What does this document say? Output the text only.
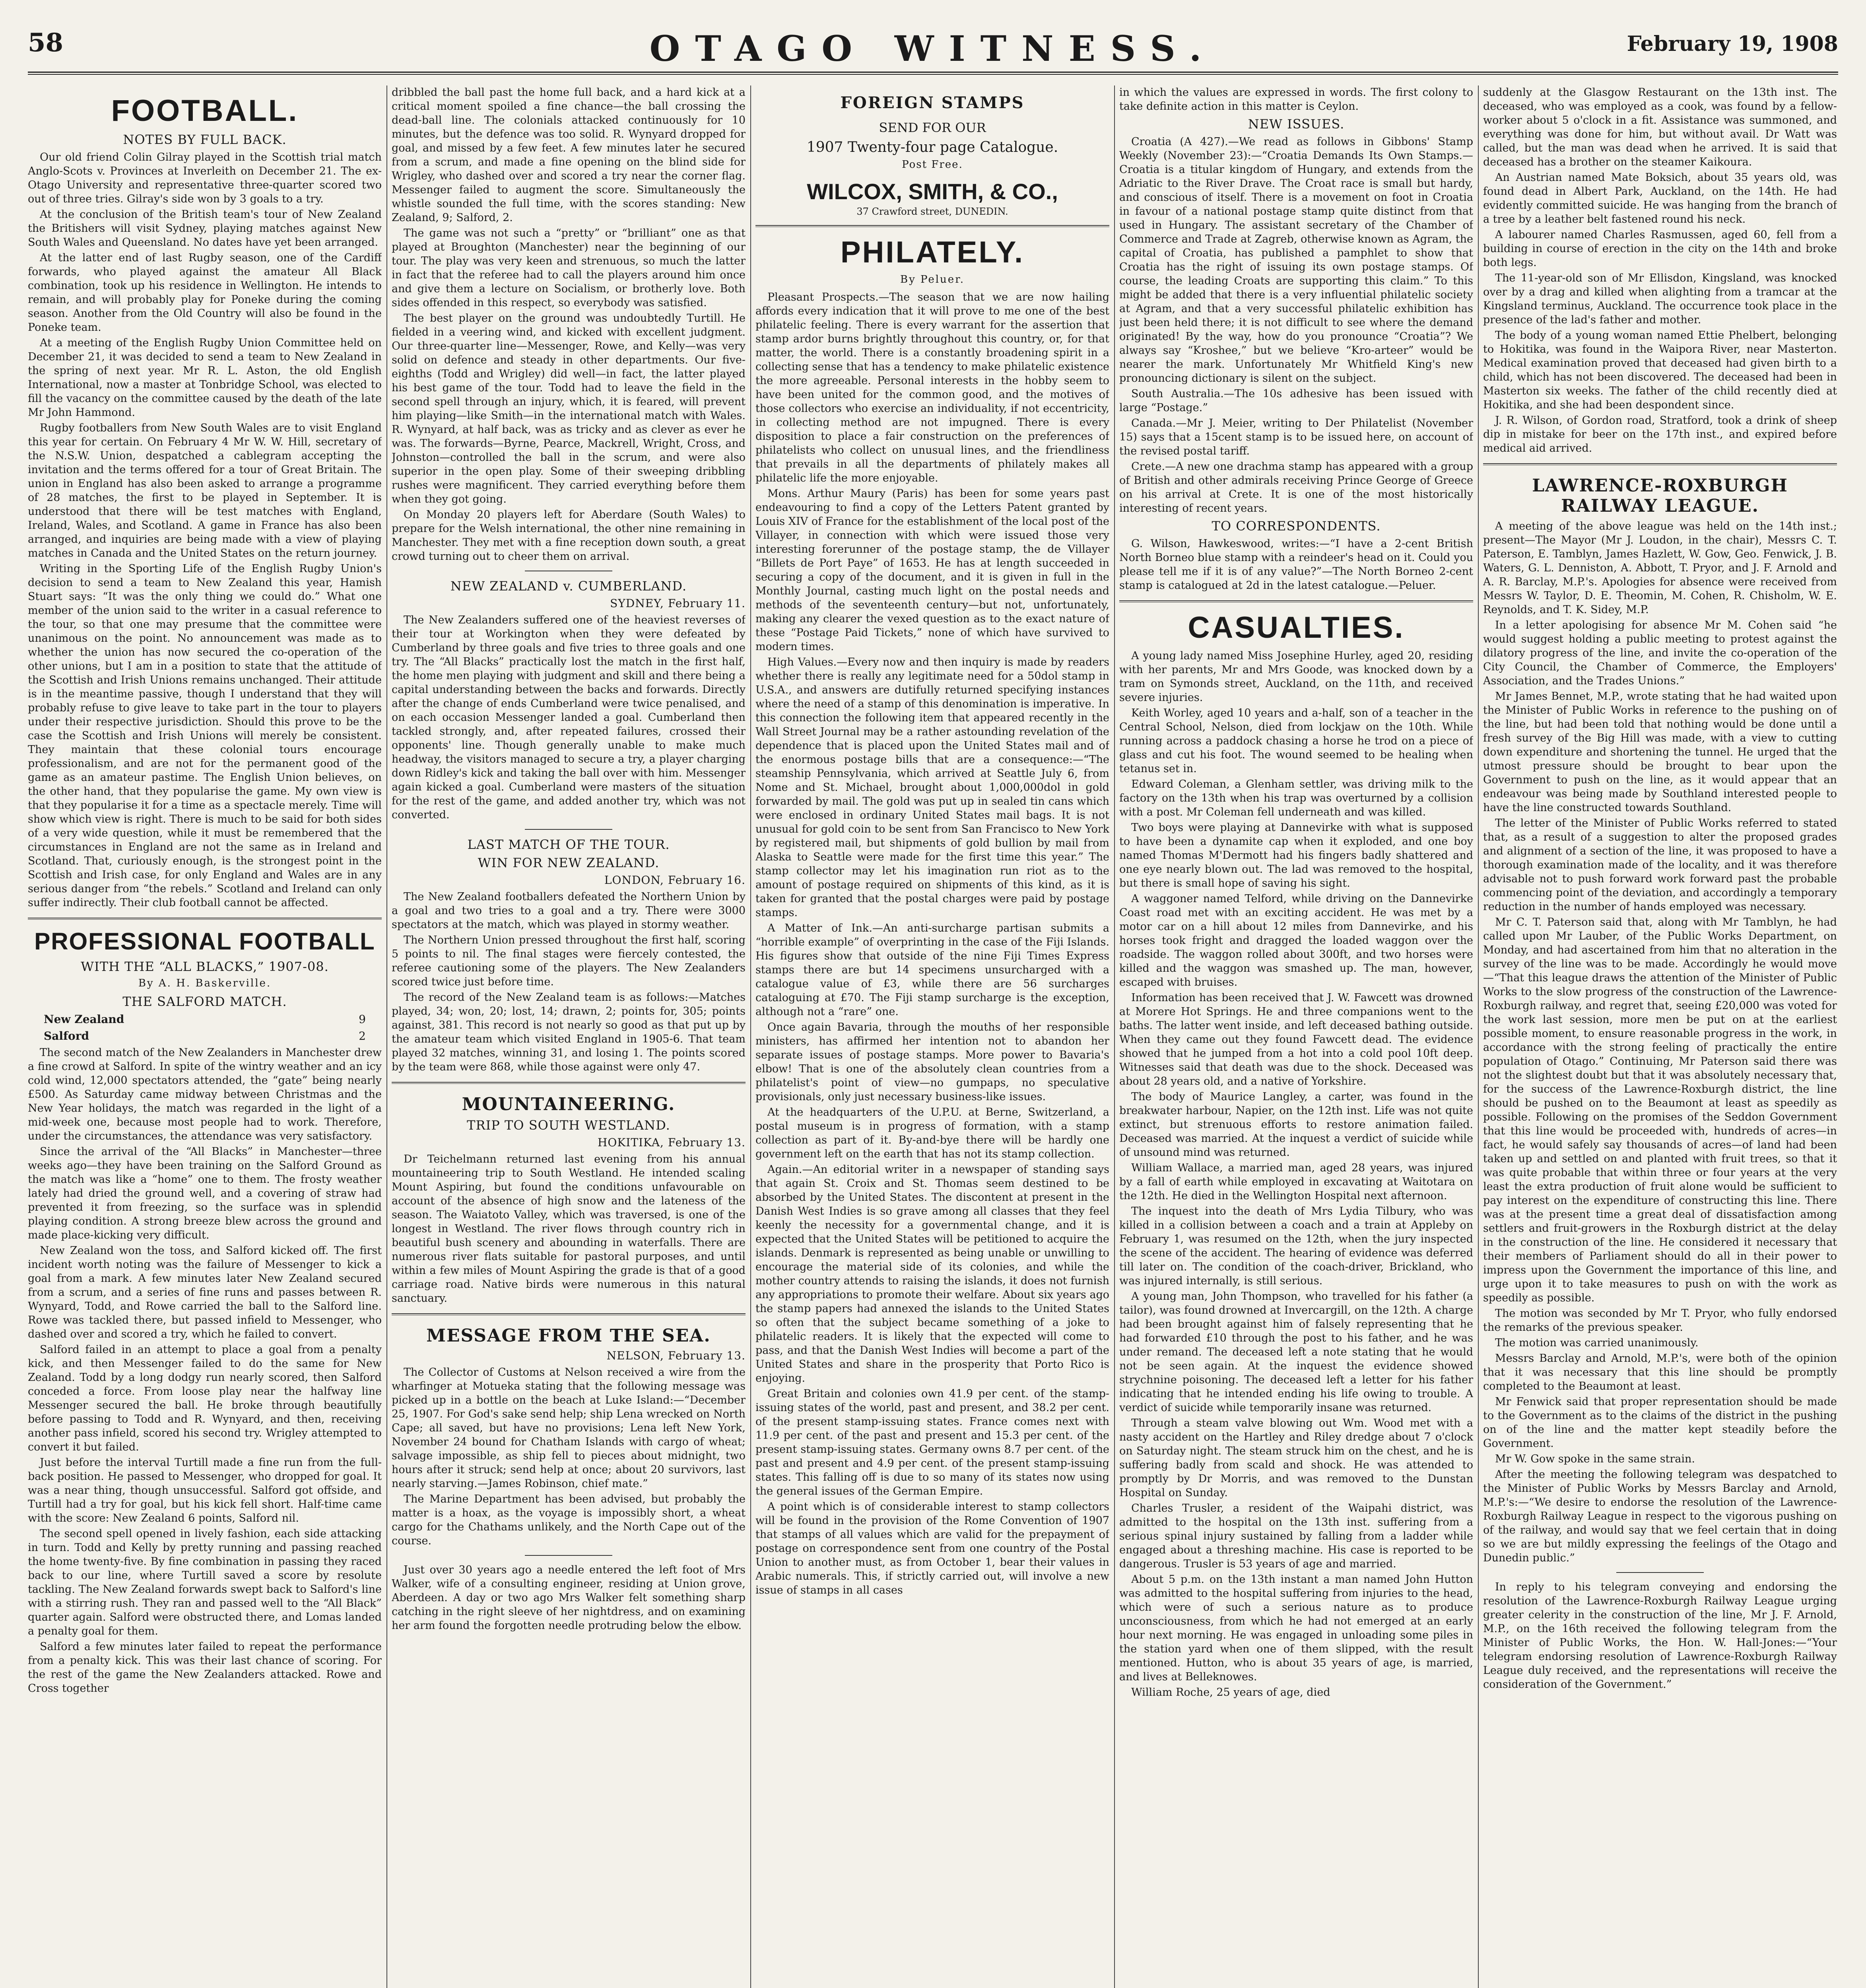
58	OTAGO WITNESS.	February 19, 1908
FOOTBALL.
NOTES BY FULL BACK.

Our old friend Colin Gilray played in the Scottish trial match Anglo-Scots v. Provinces at Inverleith on December 21. The ex-Otago University and representative three-quarter scored two out of three tries. Gilray's side won by 3 goals to a try.

At the conclusion of the British team's tour of New Zealand the Britishers will visit Sydney, playing matches against New South Wales and Queensland. No dates have yet been arranged.

At the latter end of last Rugby season, one of the Cardiff forwards, who played against the amateur All Black combination, took up his residence in Wellington. He intends to remain, and will probably play for Poneke during the coming season. Another from the Old Country will also be found in the Poneke team.

At a meeting of the English Rugby Union Committee held on December 21, it was decided to send a team to New Zealand in the spring of next year. Mr R. L. Aston, the old English International, now a master at Tonbridge School, was elected to fill the vacancy on the committee caused by the death of the late Mr John Hammond.

Rugby footballers from New South Wales are to visit England this year for certain. On February 4 Mr W. W. Hill, secretary of the N.S.W. Union, despatched a cablegram accepting the invitation and the terms offered for a tour of Great Britain. The union in England has also been asked to arrange a programme of 28 matches, the first to be played in September. It is understood that there will be test matches with England, Ireland, Wales, and Scotland. A game in France has also been arranged, and inquiries are being made with a view of playing matches in Canada and the United States on the return journey.

Writing in the Sporting Life of the English Rugby Union's decision to send a team to New Zealand this year, Hamish Stuart says: “It was the only thing we could do.” What one member of the union said to the writer in a casual reference to the tour, so that one may presume that the committee were unanimous on the point. No announcement was made as to whether the union has now secured the co-operation of the other unions, but I am in a position to state that the attitude of the Scottish and Irish Unions remains unchanged. Their attitude is in the meantime passive, though I understand that they will probably refuse to give leave to take part in the tour to players under their respective jurisdiction. Should this prove to be the case the Scottish and Irish Unions will merely be consistent. They maintain that these colonial tours encourage professionalism, and are not for the permanent good of the game as an amateur pastime. The English Union believes, on the other hand, that they popularise the game. My own view is that they popularise it for a time as a spectacle merely. Time will show which view is right. There is much to be said for both sides of a very wide question, while it must be remembered that the circumstances in England are not the same as in Ireland and Scotland. That, curiously enough, is the strongest point in the Scottish and Irish case, for only England and Wales are in any serious danger from “the rebels.” Scotland and Ireland can only suffer indirectly. Their club football cannot be affected.

PROFESSIONAL FOOTBALL
WITH THE “ALL BLACKS,” 1907-08.
By A. H. Baskerville.
THE SALFORD MATCH.
9
New Zealand
2
Salford

The second match of the New Zealanders in Manchester drew a fine crowd at Salford. In spite of the wintry weather and an icy cold wind, 12,000 spectators attended, the “gate” being nearly £500. As Saturday came midway between Christmas and the New Year holidays, the match was regarded in the light of a mid-week one, because most people had to work. Therefore, under the circumstances, the attendance was very satisfactory.

Since the arrival of the “All Blacks” in Manchester—three weeks ago—they have been training on the Salford Ground as the match was like a “home” one to them. The frosty weather lately had dried the ground well, and a covering of straw had prevented it from freezing, so the surface was in splendid playing condition. A strong breeze blew across the ground and made place-kicking very difficult.

New Zealand won the toss, and Salford kicked off. The first incident worth noting was the failure of Messenger to kick a goal from a mark. A few minutes later New Zealand secured from a scrum, and a series of fine runs and passes between R. Wynyard, Todd, and Rowe carried the ball to the Salford line. Rowe was tackled there, but passed infield to Messenger, who dashed over and scored a try, which he failed to convert.

Salford failed in an attempt to place a goal from a penalty kick, and then Messenger failed to do the same for New Zealand. Todd by a long dodgy run nearly scored, then Salford conceded a force. From loose play near the halfway line Messenger secured the ball. He broke through beautifully before passing to Todd and R. Wynyard, and then, receiving another pass infield, scored his second try. Wrigley attempted to convert it but failed.

Just before the interval Turtill made a fine run from the full-back position. He passed to Messenger, who dropped for goal. It was a near thing, though unsuccessful. Salford got offside, and Turtill had a try for goal, but his kick fell short. Half-time came with the score: New Zealand 6 points, Salford nil.

The second spell opened in lively fashion, each side attacking in turn. Todd and Kelly by pretty running and passing reached the home twenty-five. By fine combination in passing they raced back to our line, where Turtill saved a score by resolute tackling. The New Zealand forwards swept back to Salford's line with a stirring rush. They ran and passed well to the “All Black” quarter again. Salford were obstructed there, and Lomas landed a penalty goal for them.

Salford a few minutes later failed to repeat the performance from a penalty kick. This was their last chance of scoring. For the rest of the game the New Zealanders attacked. Rowe and Cross together

dribbled the ball past the home full back, and a hard kick at a critical moment spoiled a fine chance—the ball crossing the dead-ball line. The colonials attacked continuously for 10 minutes, but the defence was too solid. R. Wynyard dropped for goal, and missed by a few feet. A few minutes later he secured from a scrum, and made a fine opening on the blind side for Wrigley, who dashed over and scored a try near the corner flag. Messenger failed to augment the score. Simultaneously the whistle sounded the full time, with the scores standing: New Zealand, 9; Salford, 2.

The game was not such a “pretty” or “brilliant” one as that played at Broughton (Manchester) near the beginning of our tour. The play was very keen and strenuous, so much the latter in fact that the referee had to call the players around him once and give them a lecture on Socialism, or brotherly love. Both sides offended in this respect, so everybody was satisfied.

The best player on the ground was undoubtedly Turtill. He fielded in a veering wind, and kicked with excellent judgment. Our three-quarter line—Messenger, Rowe, and Kelly—was very solid on defence and steady in other departments. Our five-eighths (Todd and Wrigley) did well—in fact, the latter played his best game of the tour. Todd had to leave the field in the second spell through an injury, which, it is feared, will prevent him playing—like Smith—in the international match with Wales. R. Wynyard, at half back, was as tricky and as clever as ever he was. The forwards—Byrne, Pearce, Mackrell, Wright, Cross, and Johnston—controlled the ball in the scrum, and were also superior in the open play. Some of their sweeping dribbling rushes were magnificent. They carried everything before them when they got going.

On Monday 20 players left for Aberdare (South Wales) to prepare for the Welsh international, the other nine remaining in Manchester. They met with a fine reception down south, a great crowd turning out to cheer them on arrival.

NEW ZEALAND v. CUMBERLAND.
SYDNEY, February 11.

The New Zealanders suffered one of the heaviest reverses of their tour at Workington when they were defeated by Cumberland by three goals and five tries to three goals and one try. The “All Blacks” practically lost the match in the first half, the home men playing with judgment and skill and there being a capital understanding between the backs and forwards. Directly after the change of ends Cumberland were twice penalised, and on each occasion Messenger landed a goal. Cumberland then tackled strongly, and, after repeated failures, crossed their opponents' line. Though generally unable to make much headway, the visitors managed to secure a try, a player charging down Ridley's kick and taking the ball over with him. Messenger again kicked a goal. Cumberland were masters of the situation for the rest of the game, and added another try, which was not converted.

LAST MATCH OF THE TOUR.
WIN FOR NEW ZEALAND.
LONDON, February 16.

The New Zealand footballers defeated the Northern Union by a goal and two tries to a goal and a try. There were 3000 spectators at the match, which was played in stormy weather.

The Northern Union pressed throughout the first half, scoring 5 points to nil. The final stages were fiercely contested, the referee cautioning some of the players. The New Zealanders scored twice just before time.

The record of the New Zealand team is as follows:—Matches played, 34; won, 20; lost, 14; drawn, 2; points for, 305; points against, 381. This record is not nearly so good as that put up by the amateur team which visited England in 1905-6. That team played 32 matches, winning 31, and losing 1. The points scored by the team were 868, while those against were only 47.

MOUNTAINEERING.
TRIP TO SOUTH WESTLAND.
HOKITIKA, February 13.

Dr Teichelmann returned last evening from his annual mountaineering trip to South Westland. He intended scaling Mount Aspiring, but found the conditions unfavourable on account of the absence of high snow and the lateness of the season. The Waiatoto Valley, which was traversed, is one of the longest in Westland. The river flows through country rich in beautiful bush scenery and abounding in waterfalls. There are numerous river flats suitable for pastoral purposes, and until within a few miles of Mount Aspiring the grade is that of a good carriage road. Native birds were numerous in this natural sanctuary.

MESSAGE FROM THE SEA.
NELSON, February 13.

The Collector of Customs at Nelson received a wire from the wharfinger at Motueka stating that the following message was picked up in a bottle on the beach at Luke Island:—“December 25, 1907. For God's sake send help; ship Lena wrecked on North Cape; all saved, but have no provisions; Lena left New York, November 24 bound for Chatham Islands with cargo of wheat; salvage impossible, as ship fell to pieces about midnight, two hours after it struck; send help at once; about 20 survivors, last nearly starving.—James Robinson, chief mate.”

The Marine Department has been advised, but probably the matter is a hoax, as the voyage is impossibly short, a wheat cargo for the Chathams unlikely, and the North Cape out of the course.

Just over 30 years ago a needle entered the left foot of Mrs Walker, wife of a consulting engineer, residing at Union grove, Aberdeen. A day or two ago Mrs Walker felt something sharp catching in the right sleeve of her nightdress, and on examining her arm found the forgotten needle protruding below the elbow.

FOREIGN STAMPS
SEND FOR OUR
1907 Twenty-four page Catalogue.
Post Free.
WILCOX, SMITH, & CO.,
37 Crawford street, DUNEDIN.
PHILATELY.
By Peluer.

Pleasant Prospects.—The season that we are now hailing affords every indication that it will prove to me one of the best philatelic feeling. There is every warrant for the assertion that stamp ardor burns brightly throughout this country, or, for that matter, the world. There is a constantly broadening spirit in a collecting sense that has a tendency to make philatelic existence the more agreeable. Personal interests in the hobby seem to have been united for the common good, and the motives of those collectors who exercise an individuality, if not eccentricity, in collecting method are not impugned. There is every disposition to place a fair construction on the preferences of philatelists who collect on unusual lines, and the friendliness that prevails in all the departments of philately makes all philatelic life the more enjoyable.

Mons. Arthur Maury (Paris) has been for some years past endeavouring to find a copy of the Letters Patent granted by Louis XIV of France for the establishment of the local post of the Villayer, in connection with which were issued those very interesting forerunner of the postage stamp, the de Villayer “Billets de Port Paye” of 1653. He has at length succeeded in securing a copy of the document, and it is given in full in the Monthly Journal, casting much light on the postal needs and methods of the seventeenth century—but not, unfortunately, making any clearer the vexed question as to the exact nature of these “Postage Paid Tickets,” none of which have survived to modern times.

High Values.—Every now and then inquiry is made by readers whether there is really any legitimate need for a 50dol stamp in U.S.A., and answers are dutifully returned specifying instances where the need of a stamp of this denomination is imperative. In this connection the following item that appeared recently in the Wall Street Journal may be a rather astounding revelation of the dependence that is placed upon the United States mail and of the enormous postage bills that are a consequence:—“The steamship Pennsylvania, which arrived at Seattle July 6, from Nome and St. Michael, brought about 1,000,000dol in gold forwarded by mail. The gold was put up in sealed tin cans which were enclosed in ordinary United States mail bags. It is not unusual for gold coin to be sent from San Francisco to New York by registered mail, but shipments of gold bullion by mail from Alaska to Seattle were made for the first time this year.” The stamp collector may let his imagination run riot as to the amount of postage required on shipments of this kind, as it is taken for granted that the postal charges were paid by postage stamps.

A Matter of Ink.—An anti-surcharge partisan submits a “horrible example” of overprinting in the case of the Fiji Islands. His figures show that outside of the nine Fiji Times Express stamps there are but 14 specimens unsurcharged with a catalogue value of £3, while there are 56 surcharges cataloguing at £70. The Fiji stamp surcharge is the exception, although not a “rare” one.

Once again Bavaria, through the mouths of her responsible ministers, has affirmed her intention not to abandon her separate issues of postage stamps. More power to Bavaria's elbow! That is one of the absolutely clean countries from a philatelist's point of view—no gumpaps, no speculative provisionals, only just necessary business-like issues.

At the headquarters of the U.P.U. at Berne, Switzerland, a postal museum is in progress of formation, with a stamp collection as part of it. By-and-bye there will be hardly one government left on the earth that has not its stamp collection.

Again.—An editorial writer in a newspaper of standing says that again St. Croix and St. Thomas seem destined to be absorbed by the United States. The discontent at present in the Danish West Indies is so grave among all classes that they feel keenly the necessity for a governmental change, and it is expected that the United States will be petitioned to acquire the islands. Denmark is represented as being unable or unwilling to encourage the material side of its colonies, and while the mother country attends to raising the islands, it does not furnish any appropriations to promote their welfare. About six years ago the stamp papers had annexed the islands to the United States so often that the subject became something of a joke to philatelic readers. It is likely that the expected will come to pass, and that the Danish West Indies will become a part of the United States and share in the prosperity that Porto Rico is enjoying.

Great Britain and colonies own 41.9 per cent. of the stamp-issuing states of the world, past and present, and 38.2 per cent. of the present stamp-issuing states. France comes next with 11.9 per cent. of the past and present and 15.3 per cent. of the present stamp-issuing states. Germany owns 8.7 per cent. of the past and present and 4.9 per cent. of the present stamp-issuing states. This falling off is due to so many of its states now using the general issues of the German Empire.

A point which is of considerable interest to stamp collectors will be found in the provision of the Rome Convention of 1907 that stamps of all values which are valid for the prepayment of postage on correspondence sent from one country of the Postal Union to another must, as from October 1, bear their values in Arabic numerals. This, if strictly carried out, will involve a new issue of stamps in all cases

in which the values are expressed in words. The first colony to take definite action in this matter is Ceylon.

NEW ISSUES.

Croatia (A 427).—We read as follows in Gibbons' Stamp Weekly (November 23):—“Croatia Demands Its Own Stamps.—Croatia is a titular kingdom of Hungary, and extends from the Adriatic to the River Drave. The Croat race is small but hardy, and conscious of itself. There is a movement on foot in Croatia in favour of a national postage stamp quite distinct from that used in Hungary. The assistant secretary of the Chamber of Commerce and Trade at Zagreb, otherwise known as Agram, the capital of Croatia, has published a pamphlet to show that Croatia has the right of issuing its own postage stamps. Of course, the leading Croats are supporting this claim.” To this might be added that there is a very influential philatelic society at Agram, and that a very successful philatelic exhibition has just been held there; it is not difficult to see where the demand originated! By the way, how do you pronounce “Croatia”? We always say “Kroshee,” but we believe “Kro-arteer” would be nearer the mark. Unfortunately Mr Whitfield King's new pronouncing dictionary is silent on the subject.

South Australia.—The 10s adhesive has been issued with large “Postage.”

Canada.—Mr J. Meier, writing to Der Philatelist (November 15) says that a 15cent stamp is to be issued here, on account of the revised postal tariff.

Crete.—A new one drachma stamp has appeared with a group of British and other admirals receiving Prince George of Greece on his arrival at Crete. It is one of the most historically interesting of recent years.

TO CORRESPONDENTS.

G. Wilson, Hawkeswood, writes:—“I have a 2-cent British North Borneo blue stamp with a reindeer's head on it. Could you please tell me if it is of any value?”—The North Borneo 2-cent stamp is catalogued at 2d in the latest catalogue.—Peluer.

CASUALTIES.

A young lady named Miss Josephine Hurley, aged 20, residing with her parents, Mr and Mrs Goode, was knocked down by a tram on Symonds street, Auckland, on the 11th, and received severe injuries.

Keith Worley, aged 10 years and a-half, son of a teacher in the Central School, Nelson, died from lockjaw on the 10th. While running across a paddock chasing a horse he trod on a piece of glass and cut his foot. The wound seemed to be healing when tetanus set in.

Edward Coleman, a Glenham settler, was driving milk to the factory on the 13th when his trap was overturned by a collision with a post. Mr Coleman fell underneath and was killed.

Two boys were playing at Dannevirke with what is supposed to have been a dynamite cap when it exploded, and one boy named Thomas M'Dermott had his fingers badly shattered and one eye nearly blown out. The lad was removed to the hospital, but there is small hope of saving his sight.

A waggoner named Telford, while driving on the Dannevirke Coast road met with an exciting accident. He was met by a motor car on a hill about 12 miles from Dannevirke, and his horses took fright and dragged the loaded waggon over the roadside. The waggon rolled about 300ft, and two horses were killed and the waggon was smashed up. The man, however, escaped with bruises.

Information has been received that J. W. Fawcett was drowned at Morere Hot Springs. He and three companions went to the baths. The latter went inside, and left deceased bathing outside. When they came out they found Fawcett dead. The evidence showed that he jumped from a hot into a cold pool 10ft deep. Witnesses said that death was due to the shock. Deceased was about 28 years old, and a native of Yorkshire.

The body of Maurice Langley, a carter, was found in the breakwater harbour, Napier, on the 12th inst. Life was not quite extinct, but strenuous efforts to restore animation failed. Deceased was married. At the inquest a verdict of suicide while of unsound mind was returned.

William Wallace, a married man, aged 28 years, was injured by a fall of earth while employed in excavating at Waitotara on the 12th. He died in the Wellington Hospital next afternoon.

The inquest into the death of Mrs Lydia Tilbury, who was killed in a collision between a coach and a train at Appleby on February 1, was resumed on the 12th, when the jury inspected the scene of the accident. The hearing of evidence was deferred till later on. The condition of the coach-driver, Brickland, who was injured internally, is still serious.

A young man, John Thompson, who travelled for his father (a tailor), was found drowned at Invercargill, on the 12th. A charge had been brought against him of falsely representing that he had forwarded £10 through the post to his father, and he was under remand. The deceased left a note stating that he would not be seen again. At the inquest the evidence showed strychnine poisoning. The deceased left a letter for his father indicating that he intended ending his life owing to trouble. A verdict of suicide while temporarily insane was returned.

Through a steam valve blowing out Wm. Wood met with a nasty accident on the Hartley and Riley dredge about 7 o'clock on Saturday night. The steam struck him on the chest, and he is suffering badly from scald and shock. He was attended to promptly by Dr Morris, and was removed to the Dunstan Hospital on Sunday.

Charles Trusler, a resident of the Waipahi district, was admitted to the hospital on the 13th inst. suffering from a serious spinal injury sustained by falling from a ladder while engaged about a threshing machine. His case is reported to be dangerous. Trusler is 53 years of age and married.

About 5 p.m. on the 13th instant a man named John Hutton was admitted to the hospital suffering from injuries to the head, which were of such a serious nature as to produce unconsciousness, from which he had not emerged at an early hour next morning. He was engaged in unloading some piles in the station yard when one of them slipped, with the result mentioned. Hutton, who is about 35 years of age, is married, and lives at Belleknowes.

William Roche, 25 years of age, died

suddenly at the Glasgow Restaurant on the 13th inst. The deceased, who was employed as a cook, was found by a fellow-worker about 5 o'clock in a fit. Assistance was summoned, and everything was done for him, but without avail. Dr Watt was called, but the man was dead when he arrived. It is said that deceased has a brother on the steamer Kaikoura.

An Austrian named Mate Boksich, about 35 years old, was found dead in Albert Park, Auckland, on the 14th. He had evidently committed suicide. He was hanging from the branch of a tree by a leather belt fastened round his neck.

A labourer named Charles Rasmussen, aged 60, fell from a building in course of erection in the city on the 14th and broke both legs.

The 11-year-old son of Mr Ellisdon, Kingsland, was knocked over by a drag and killed when alighting from a tramcar at the Kingsland terminus, Auckland. The occurrence took place in the presence of the lad's father and mother.

The body of a young woman named Ettie Phelbert, belonging to Hokitika, was found in the Waipora River, near Masterton. Medical examination proved that deceased had given birth to a child, which has not been discovered. The deceased had been in Masterton six weeks. The father of the child recently died at Hokitika, and she had been despondent since.

J. R. Wilson, of Gordon road, Stratford, took a drink of sheep dip in mistake for beer on the 17th inst., and expired before medical aid arrived.

LAWRENCE-ROXBURGH RAILWAY LEAGUE.

A meeting of the above league was held on the 14th inst.; present—The Mayor (Mr J. Loudon, in the chair), Messrs C. T. Paterson, E. Tamblyn, James Hazlett, W. Gow, Geo. Fenwick, J. B. Waters, G. L. Denniston, A. Abbott, T. Pryor, and J. F. Arnold and A. R. Barclay, M.P.'s. Apologies for absence were received from Messrs W. Taylor, D. E. Theomin, M. Cohen, R. Chisholm, W. E. Reynolds, and T. K. Sidey, M.P.

In a letter apologising for absence Mr M. Cohen said “he would suggest holding a public meeting to protest against the dilatory progress of the line, and invite the co-operation of the City Council, the Chamber of Commerce, the Employers' Association, and the Trades Unions.”

Mr James Bennet, M.P., wrote stating that he had waited upon the Minister of Public Works in reference to the pushing on of the line, but had been told that nothing would be done until a fresh survey of the Big Hill was made, with a view to cutting down expenditure and shortening the tunnel. He urged that the utmost pressure should be brought to bear upon the Government to push on the line, as it would appear that an endeavour was being made by Southland interested people to have the line constructed towards Southland.

The letter of the Minister of Public Works referred to stated that, as a result of a suggestion to alter the proposed grades and alignment of a section of the line, it was proposed to have a thorough examination made of the locality, and it was therefore advisable not to push forward work forward past the probable commencing point of the deviation, and accordingly a temporary reduction in the number of hands employed was necessary.

Mr C. T. Paterson said that, along with Mr Tamblyn, he had called upon Mr Lauber, of the Public Works Department, on Monday, and had ascertained from him that no alteration in the survey of the line was to be made. Accordingly he would move—“That this league draws the attention of the Minister of Public Works to the slow progress of the construction of the Lawrence-Roxburgh railway, and regret that, seeing £20,000 was voted for the work last session, more men be put on at the earliest possible moment, to ensure reasonable progress in the work, in accordance with the strong feeling of practically the entire population of Otago.” Continuing, Mr Paterson said there was not the slightest doubt but that it was absolutely necessary that, for the success of the Lawrence-Roxburgh district, the line should be pushed on to the Beaumont at least as speedily as possible. Following on the promises of the Seddon Government that this line would be proceeded with, hundreds of acres—in fact, he would safely say thousands of acres—of land had been taken up and settled on and planted with fruit trees, so that it was quite probable that within three or four years at the very least the extra production of fruit alone would be sufficient to pay interest on the expenditure of constructing this line. There was at the present time a great deal of dissatisfaction among settlers and fruit-growers in the Roxburgh district at the delay in the construction of the line. He considered it necessary that their members of Parliament should do all in their power to impress upon the Government the importance of this line, and urge upon it to take measures to push on with the work as speedily as possible.

The motion was seconded by Mr T. Pryor, who fully endorsed the remarks of the previous speaker.

The motion was carried unanimously.

Messrs Barclay and Arnold, M.P.'s, were both of the opinion that it was necessary that this line should be promptly completed to the Beaumont at least.

Mr Fenwick said that proper representation should be made to the Government as to the claims of the district in the pushing on of the line and the matter kept steadily before the Government.

Mr W. Gow spoke in the same strain.

After the meeting the following telegram was despatched to the Minister of Public Works by Messrs Barclay and Arnold, M.P.'s:—“We desire to endorse the resolution of the Lawrence-Roxburgh Railway League in respect to the vigorous pushing on of the railway, and would say that we feel certain that in doing so we are but mildly expressing the feelings of the Otago and Dunedin public.”

In reply to his telegram conveying and endorsing the resolution of the Lawrence-Roxburgh Railway League urging greater celerity in the construction of the line, Mr J. F. Arnold, M.P., on the 16th received the following telegram from the Minister of Public Works, the Hon. W. Hall-Jones:—“Your telegram endorsing resolution of Lawrence-Roxburgh Railway League duly received, and the representations will receive the consideration of the Government.”
